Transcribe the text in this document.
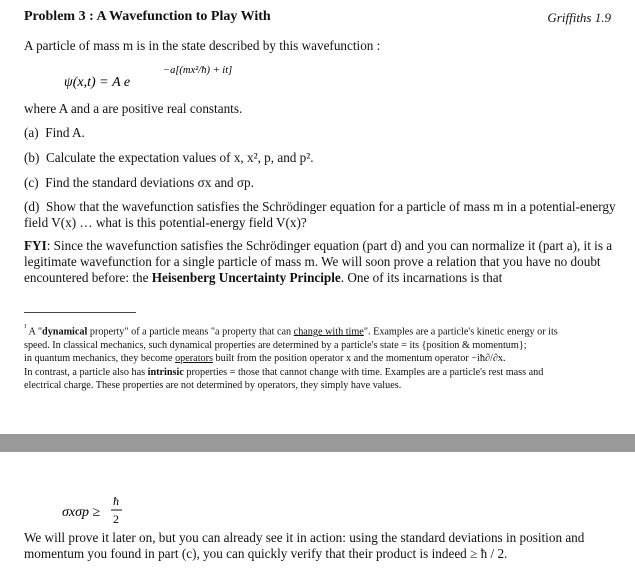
Problem 3 : A Wavefunction to Play With	Griffiths 1.9
A particle of mass m is in the state described by this wavefunction :
ψ(x,t) = A e
−a[(mx²/ħ) + it]
where A and a are positive real constants.
(a) Find A.
(b) Calculate the expectation values of x, x², p, and p².
(c) Find the standard deviations σx and σp.
(d) Show that the wavefunction satisfies the Schrödinger equation for a particle of mass m in a potential-energy field V(x) … what is this potential-energy field V(x)?
FYI: Since the wavefunction satisfies the Schrödinger equation (part d) and you can normalize it (part a), it is a legitimate wavefunction for a single particle of mass m. We will soon prove a relation that you have no doubt encountered before: the Heisenberg Uncertainty Principle. One of its incarnations is that
$^{^1}$ A "dynamical property" of a particle means "a property that can change with time". Examples are a particle's kinetic energy or its
speed. In classical mechanics, such dynamical properties are determined by a particle's state = its {position & momentum};
in quantum mechanics, they become operators built from the position operator x and the momentum operator −iħ∂/∂x.
In contrast, a particle also has intrinsic properties = those that cannot change with time. Examples are a particle's rest mass and
electrical charge. These properties are not determined by operators, they simply have values.
σxσp ≥
ħ
2
We will prove it later on, but you can already see it in action: using the standard deviations in position and momentum you found in part (c), you can quickly verify that their product is indeed ≥ ħ / 2.
